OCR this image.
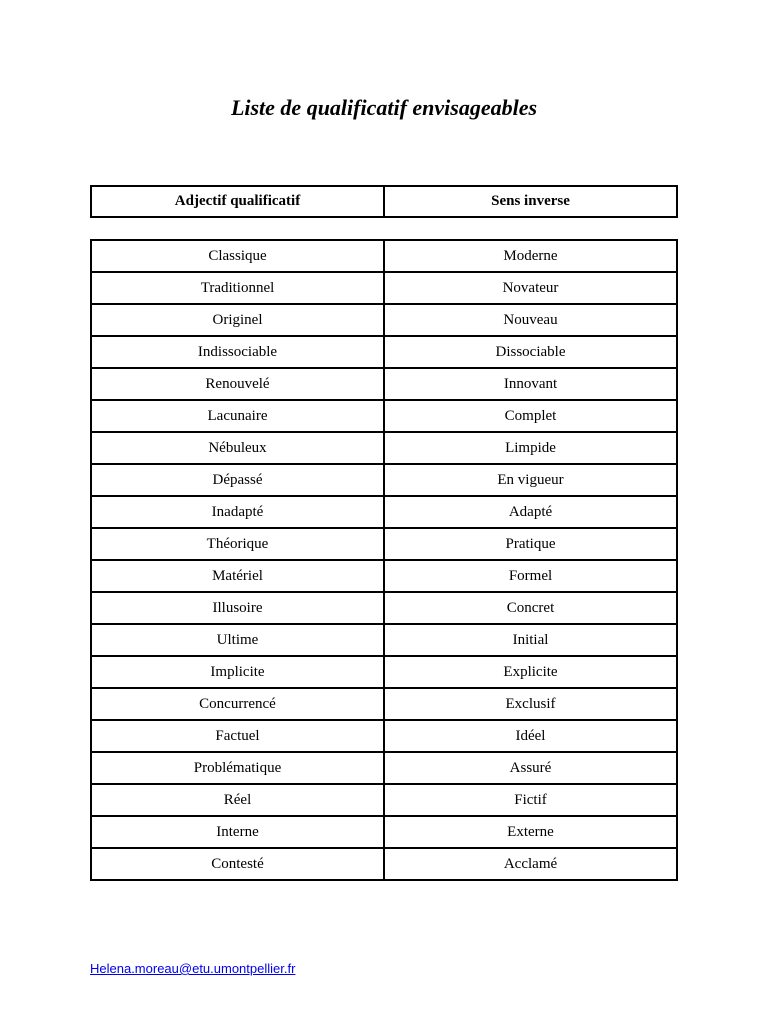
Liste de qualificatif envisageables
Adjectif qualificatif	Sens inverse
Classique	Moderne
Traditionnel	Novateur
Originel	Nouveau
Indissociable	Dissociable
Renouvelé	Innovant
Lacunaire	Complet
Nébuleux	Limpide
Dépassé	En vigueur
Inadapté	Adapté
Théorique	Pratique
Matériel	Formel
Illusoire	Concret
Ultime	Initial
Implicite	Explicite
Concurrencé	Exclusif
Factuel	Idéel
Problématique	Assuré
Réel	Fictif
Interne	Externe
Contesté	Acclamé
Helena.moreau@etu.umontpellier.fr
